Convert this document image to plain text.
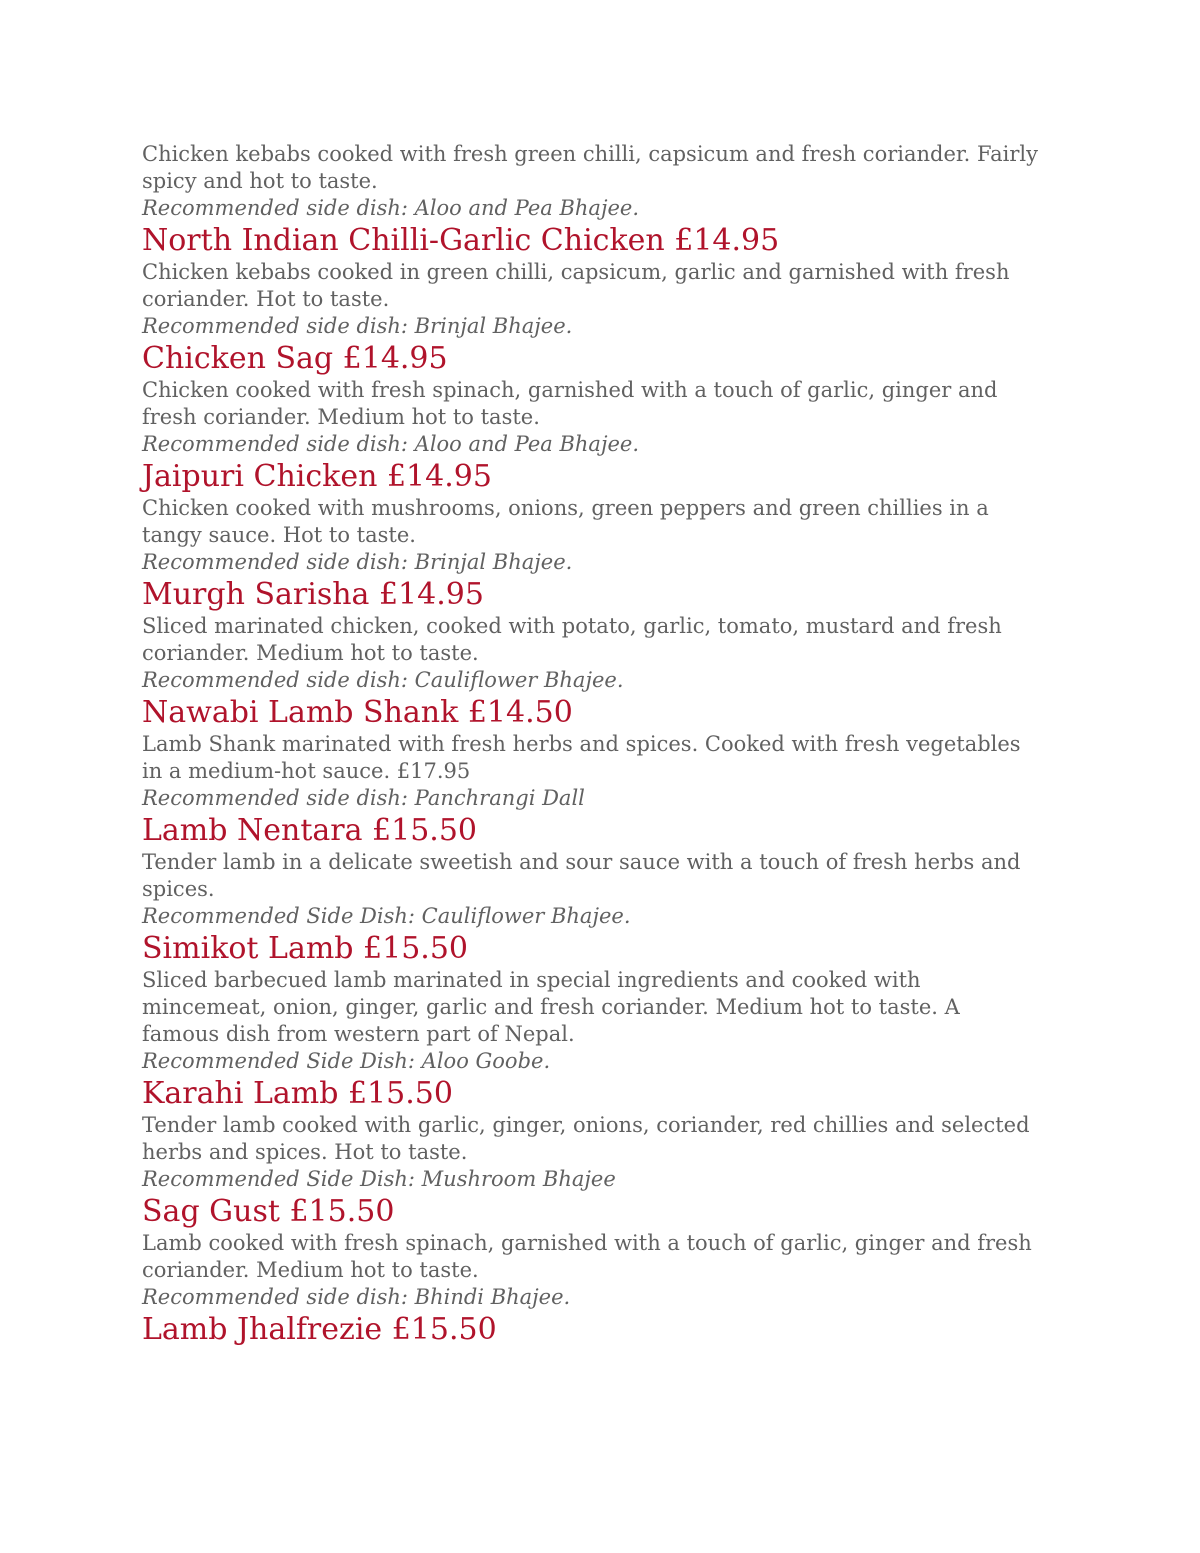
Chicken kebabs cooked with fresh green chilli, capsicum and fresh coriander. Fairly spicy and hot to taste.

Recommended side dish: Aloo and Pea Bhajee.

North Indian Chilli-Garlic Chicken £14.95

Chicken kebabs cooked in green chilli, capsicum, garlic and garnished with fresh coriander. Hot to taste.

Recommended side dish: Brinjal Bhajee.

Chicken Sag £14.95

Chicken cooked with fresh spinach, garnished with a touch of garlic, ginger and fresh coriander. Medium hot to taste.

Recommended side dish: Aloo and Pea Bhajee.

Jaipuri Chicken £14.95

Chicken cooked with mushrooms, onions, green peppers and green chillies in a tangy sauce. Hot to taste.

Recommended side dish: Brinjal Bhajee.

Murgh Sarisha £14.95

Sliced marinated chicken, cooked with potato, garlic, tomato, mustard and fresh coriander. Medium hot to taste.

Recommended side dish: Cauliflower Bhajee.

Nawabi Lamb Shank £14.50

Lamb Shank marinated with fresh herbs and spices. Cooked with fresh vegetables in a medium-hot sauce. £17.95

Recommended side dish: Panchrangi Dall

Lamb Nentara £15.50

Tender lamb in a delicate sweetish and sour sauce with a touch of fresh herbs and spices.

Recommended Side Dish: Cauliflower Bhajee.

Simikot Lamb £15.50

Sliced barbecued lamb marinated in special ingredients and cooked with mincemeat, onion, ginger, garlic and fresh coriander. Medium hot to taste. A famous dish from western part of Nepal.

Recommended Side Dish: Aloo Goobe.

Karahi Lamb £15.50

Tender lamb cooked with garlic, ginger, onions, coriander, red chillies and selected herbs and spices. Hot to taste.

Recommended Side Dish: Mushroom Bhajee

Sag Gust £15.50

Lamb cooked with fresh spinach, garnished with a touch of garlic, ginger and fresh coriander. Medium hot to taste.

Recommended side dish: Bhindi Bhajee.

Lamb Jhalfrezie £15.50
